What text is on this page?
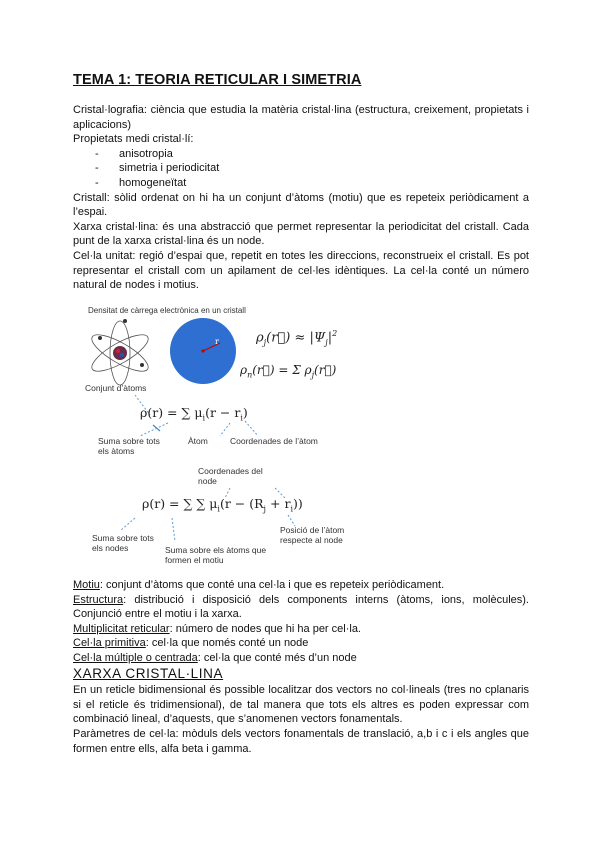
TEMA 1: TEORIA RETICULAR I SIMETRIA

Cristal·lografia: ciència que estudia la matèria cristal·lina (estructura, creixement, propietats i aplicacions)

Propietats medi cristal·lí:

- anisotropia
- simetria i periodicitat
- homogeneïtat

Cristall: sòlid ordenat on hi ha un conjunt d’àtoms (motiu) que es repeteix periòdicament a l’espai.

Xarxa cristal·lina: és una abstracció que permet representar la periodicitat del cristall. Cada punt de la xarxa cristal·lina és un node.

Cel·la unitat: regió d’espai que, repetit en totes les direccions, reconstrueix el cristall. Es pot representar el cristall com un apilament de cel·les idèntiques. La cel·la conté un número natural de nodes i motius.

Densitat de càrrega electrònica en un cristall
r	$\rho_j(r⃗) \approx |\Psi_j|^2$
$\rho_n(r⃗) = \Sigma$ $\rho_j(r⃗)$
Conjunt d’àtoms
ρ(r) = ∑ $\mu_i(r - r_i)$
Suma sobre tots els àtoms
Àtom	Coordenades de l’àtom
Coordenades del node
ρ(r) = ∑ ∑ $\mu_i(r - (R_j + r_i))$
Posició de l’àtom respecte al node
Suma sobre tots els nodes	Suma sobre els àtoms que formen el motiu

Motiu: conjunt d’àtoms que conté una cel·la i que es repeteix periòdicament.

Estructura: distribució i disposició dels components interns (àtoms, ions, molècules). Conjunció entre el motiu i la xarxa.

Multiplicitat reticular: número de nodes que hi ha per cel·la.

Cel·la primitiva: cel·la que només conté un node

Cel·la múltiple o centrada: cel·la que conté més d’un node

XARXA CRISTAL·LINA

En un reticle bidimensional és possible localitzar dos vectors no col·lineals (tres no cplanaris si el reticle és tridimensional), de tal manera que tots els altres es poden expressar com combinació lineal, d’aquests, que s’anomenen vectors fonamentals.

Paràmetres de cel·la: mòduls dels vectors fonamentals de translació, a,b i c i els angles que formen entre ells, alfa beta i gamma.
